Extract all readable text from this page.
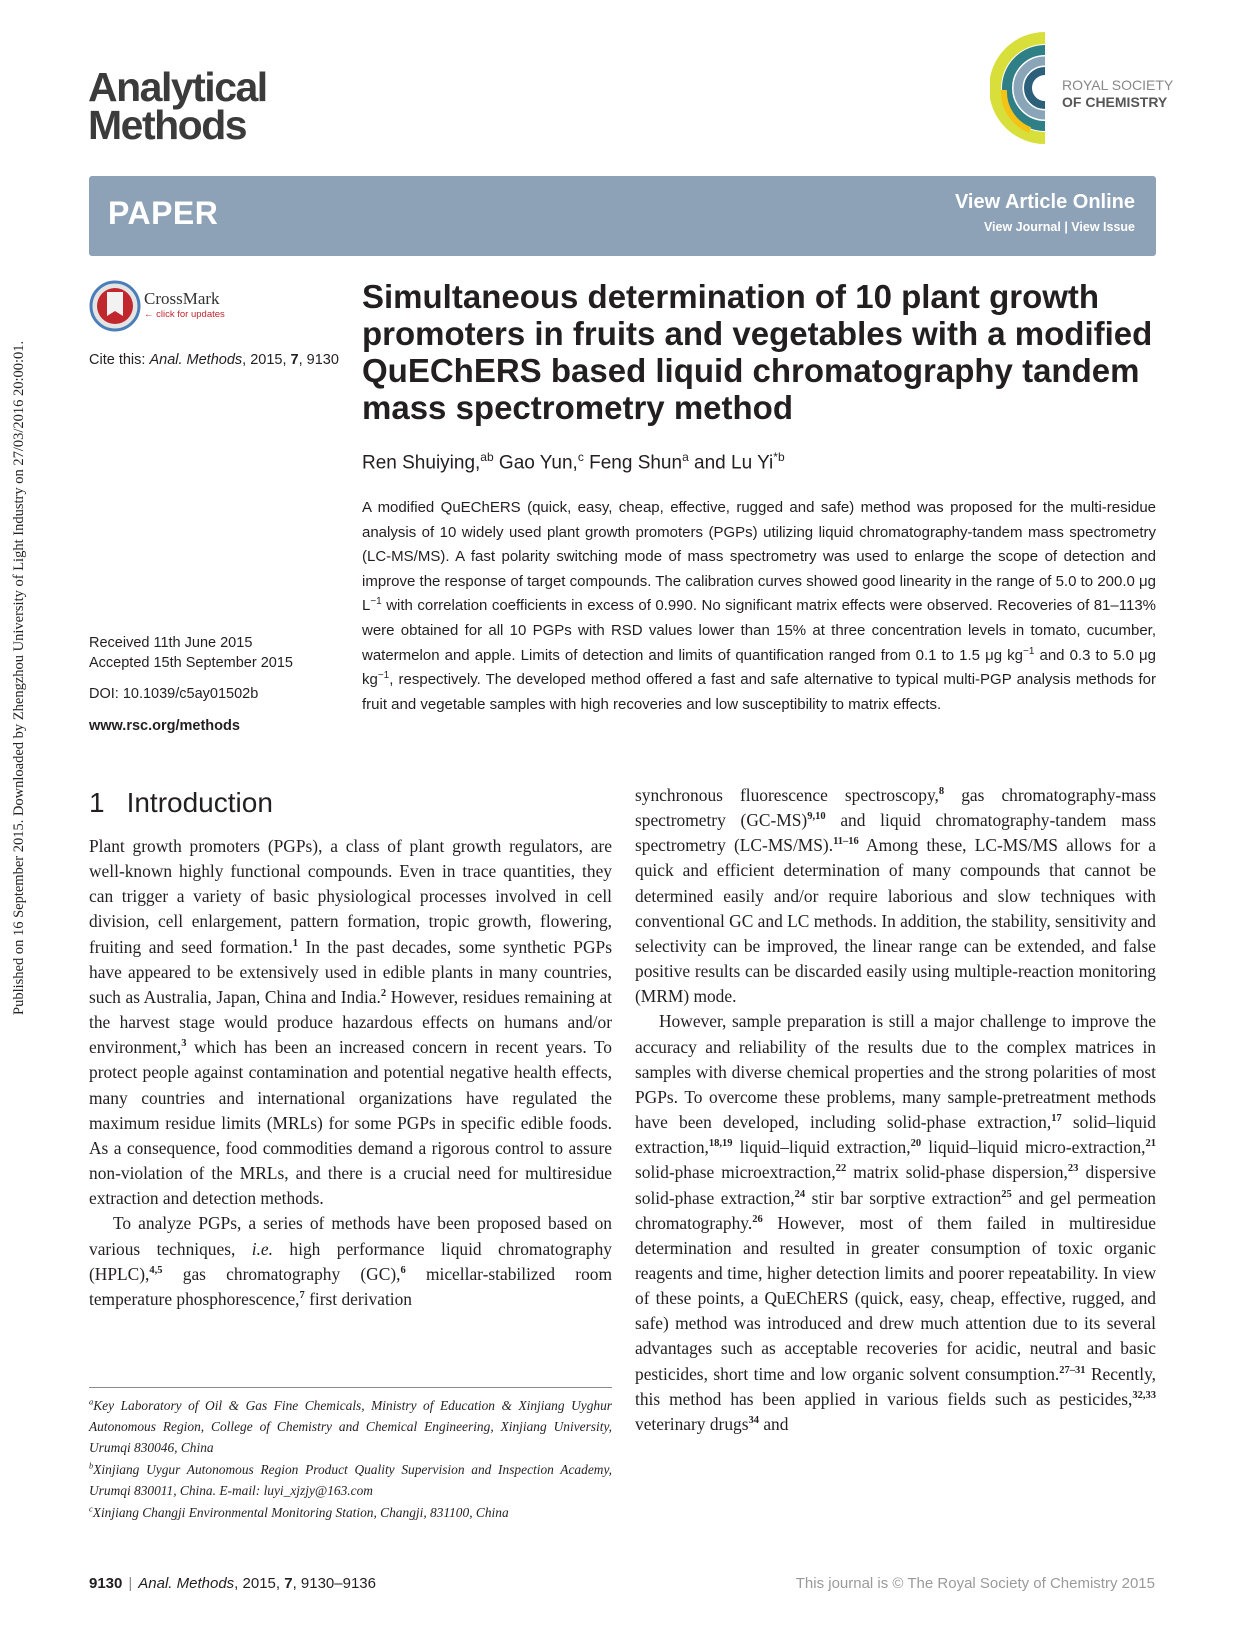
Published on 16 September 2015. Downloaded by Zhengzhou University of Light Industry on 27/03/2016 20:00:01.
Analytical
Methods
ROYAL SOCIETY
OF CHEMISTRY
PAPER	View Article Online
View Journal | View Issue
CrossMark
← click for updates
Cite this: Anal. Methods, 2015, 7, 9130
Received 11th June 2015
Accepted 15th September 2015
DOI: 10.1039/c5ay01502b
www.rsc.org/methods
Simultaneous determination of 10 plant growth promoters in fruits and vegetables with a modified QuEChERS based liquid chromatography tandem mass spectrometry method
Ren Shuiying,$^{ab}$ Gao Yun,$^c$ Feng Shun$^a$ and Lu Yi$^{*b}$
A modified QuEChERS (quick, easy, cheap, effective, rugged and safe) method was proposed for the multi-residue analysis of 10 widely used plant growth promoters (PGPs) utilizing liquid chromatography-tandem mass spectrometry (LC-MS/MS). A fast polarity switching mode of mass spectrometry was used to enlarge the scope of detection and improve the response of target compounds. The calibration curves showed good linearity in the range of 5.0 to 200.0 μg $L^{-1}$ with correlation coefficients in excess of 0.990. No significant matrix effects were observed. Recoveries of 81–113% were obtained for all 10 PGPs with RSD values lower than 15% at three concentration levels in tomato, cucumber, watermelon and apple. Limits of detection and limits of quantification ranged from 0.1 to 1.5 μg $kg^{-1}$ and 0.3 to 5.0 μg $kg^{-1}$, respectively. The developed method offered a fast and safe alternative to typical multi-PGP analysis methods for fruit and vegetable samples with high recoveries and low susceptibility to matrix effects.
1 Introduction

Plant growth promoters (PGPs), a class of plant growth regulators, are well-known highly functional compounds. Even in trace quantities, they can trigger a variety of basic physiological processes involved in cell division, cell enlargement, pattern formation, tropic growth, flowering, fruiting and seed formation.$^1$ In the past decades, some synthetic PGPs have appeared to be extensively used in edible plants in many countries, such as Australia, Japan, China and India.$^2$ However, residues remaining at the harvest stage would produce hazardous effects on humans and/or environment,$^3$ which has been an increased concern in recent years. To protect people against contamination and potential negative health effects, many countries and international organizations have regulated the maximum residue limits (MRLs) for some PGPs in specific edible foods. As a consequence, food commodities demand a rigorous control to assure non-violation of the MRLs, and there is a crucial need for multiresidue extraction and detection methods.

To analyze PGPs, a series of methods have been proposed based on various techniques, i.e. high performance liquid chromatography (HPLC),$^{4,5}$ gas chromatography (GC),$^6$ micellar-stabilized room temperature phosphorescence,$^7$ first derivation

$^a$Key Laboratory of Oil & Gas Fine Chemicals, Ministry of Education & Xinjiang Uyghur Autonomous Region, College of Chemistry and Chemical Engineering, Xinjiang University, Urumqi 830046, China

$^b$Xinjiang Uygur Autonomous Region Product Quality Supervision and Inspection Academy, Urumqi 830011, China. E-mail: luyi_xjzjy@163.com

$^c$Xinjiang Changji Environmental Monitoring Station, Changji, 831100, China

synchronous fluorescence spectroscopy,$^8$ gas chromatography-mass spectrometry $(GC-MS)^{9,10}$ and liquid chromatography-tandem mass spectrometry (LC-MS/MS).$^{11-16}$ Among these, LC-MS/MS allows for a quick and efficient determination of many compounds that cannot be determined easily and/or require laborious and slow techniques with conventional GC and LC methods. In addition, the stability, sensitivity and selectivity can be improved, the linear range can be extended, and false positive results can be discarded easily using multiple-reaction monitoring (MRM) mode.

However, sample preparation is still a major challenge to improve the accuracy and reliability of the results due to the complex matrices in samples with diverse chemical properties and the strong polarities of most PGPs. To overcome these problems, many sample-pretreatment methods have been developed, including solid-phase extraction,$^{17}$ solid–liquid extraction,$^{18,19}$ liquid–liquid extraction,$^{20}$ liquid–liquid micro-extraction,$^{21}$ solid-phase microextraction,$^{22}$ matrix solid-phase dispersion,$^{23}$ dispersive solid-phase extraction,$^{24}$ stir bar sorptive extraction$^{25}$ and gel permeation chromatography.$^{26}$ However, most of them failed in multiresidue determination and resulted in greater consumption of toxic organic reagents and time, higher detection limits and poorer repeatability. In view of these points, a QuEChERS (quick, easy, cheap, effective, rugged, and safe) method was introduced and drew much attention due to its several advantages such as acceptable recoveries for acidic, neutral and basic pesticides, short time and low organic solvent consumption.$^{27-31}$ Recently, this method has been applied in various fields such as pesticides,$^{32,33}$ veterinary drugs$^{34}$ and

9130 | Anal. Methods, 2015, 7, 9130–9136	This journal is © The Royal Society of Chemistry 2015
